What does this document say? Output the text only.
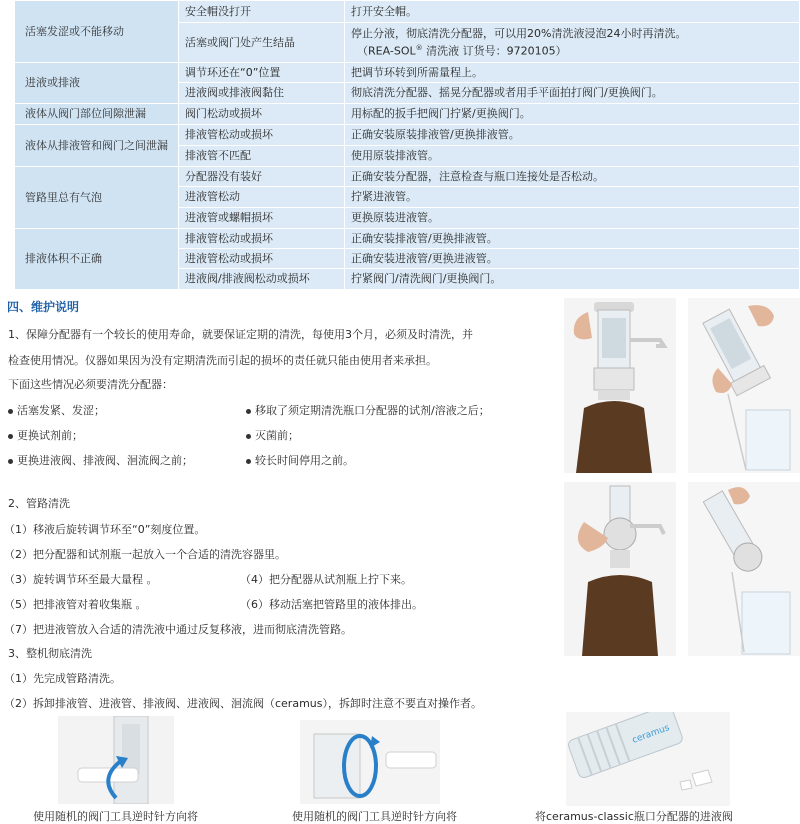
活塞发涩或不能移动	安全帽没打开	打开安全帽。
	活塞或阀门处产生结晶	停止分液，彻底清洗分配器，可以用20%清洗液浸泡24小时再清洗。
（REA-SOL® 清洗液 订货号：9720105）

进液或排液	调节环还在“0”位置	把调节环转到所需量程上。
	进液阀或排液阀黏住	彻底清洗分配器、摇晃分配器或者用手平面拍打阀门/更换阀门。
液体从阀门部位间隙泄漏	阀门松动或损坏	用标配的扳手把阀门拧紧/更换阀门。
液体从排液管和阀门之间泄漏	排液管松动或损坏	正确安装原装排液管/更换排液管。
	排液管不匹配	使用原装排液管。
管路里总有气泡	分配器没有装好	正确安装分配器，注意检查与瓶口连接处是否松动。
	进液管松动	拧紧进液管。
	进液管或螺帽损坏	更换原装进液管。
排液体积不正确	排液管松动或损坏	正确安装排液管/更换排液管。
	进液管松动或损坏	正确安装进液管/更换进液管。
	进液阀/排液阀松动或损坏	拧紧阀门/清洗阀门/更换阀门。
四、维护说明
1、保障分配器有一个较长的使用寿命，就要保证定期的清洗，每使用3个月，必须及时清洗，并
检查使用情况。仪器如果因为没有定期清洗而引起的损坏的责任就只能由使用者来承担。
下面这些情况必须要清洗分配器：
活塞发紧、发涩；	移取了须定期清洗瓶口分配器的试剂/溶液之后；
更换试剂前；	灭菌前；
更换进液阀、排液阀、洄流阀之前；	较长时间停用之前。
2、管路清洗
（1）移液后旋转调节环至“0”刻度位置。
（2）把分配器和试剂瓶一起放入一个合适的清洗容器里。
（3）旋转调节环至最大量程 。	（4）把分配器从试剂瓶上拧下来。
（5）把排液管对着收集瓶 。	（6）移动活塞把管路里的液体排出。
（7）把进液管放入合适的清洗液中通过反复移液，进而彻底清洗管路。
3、整机彻底清洗
（1）先完成管路清洗。
（2）拆卸排液管、进液管、排液阀、进液阀、洄流阀（ceramus），拆卸时注意不要直对操作者。
ceramus
使用随机的阀门工具逆时针方向将	使用随机的阀门工具逆时针方向将	将ceramus-classic瓶口分配器的进液阀
